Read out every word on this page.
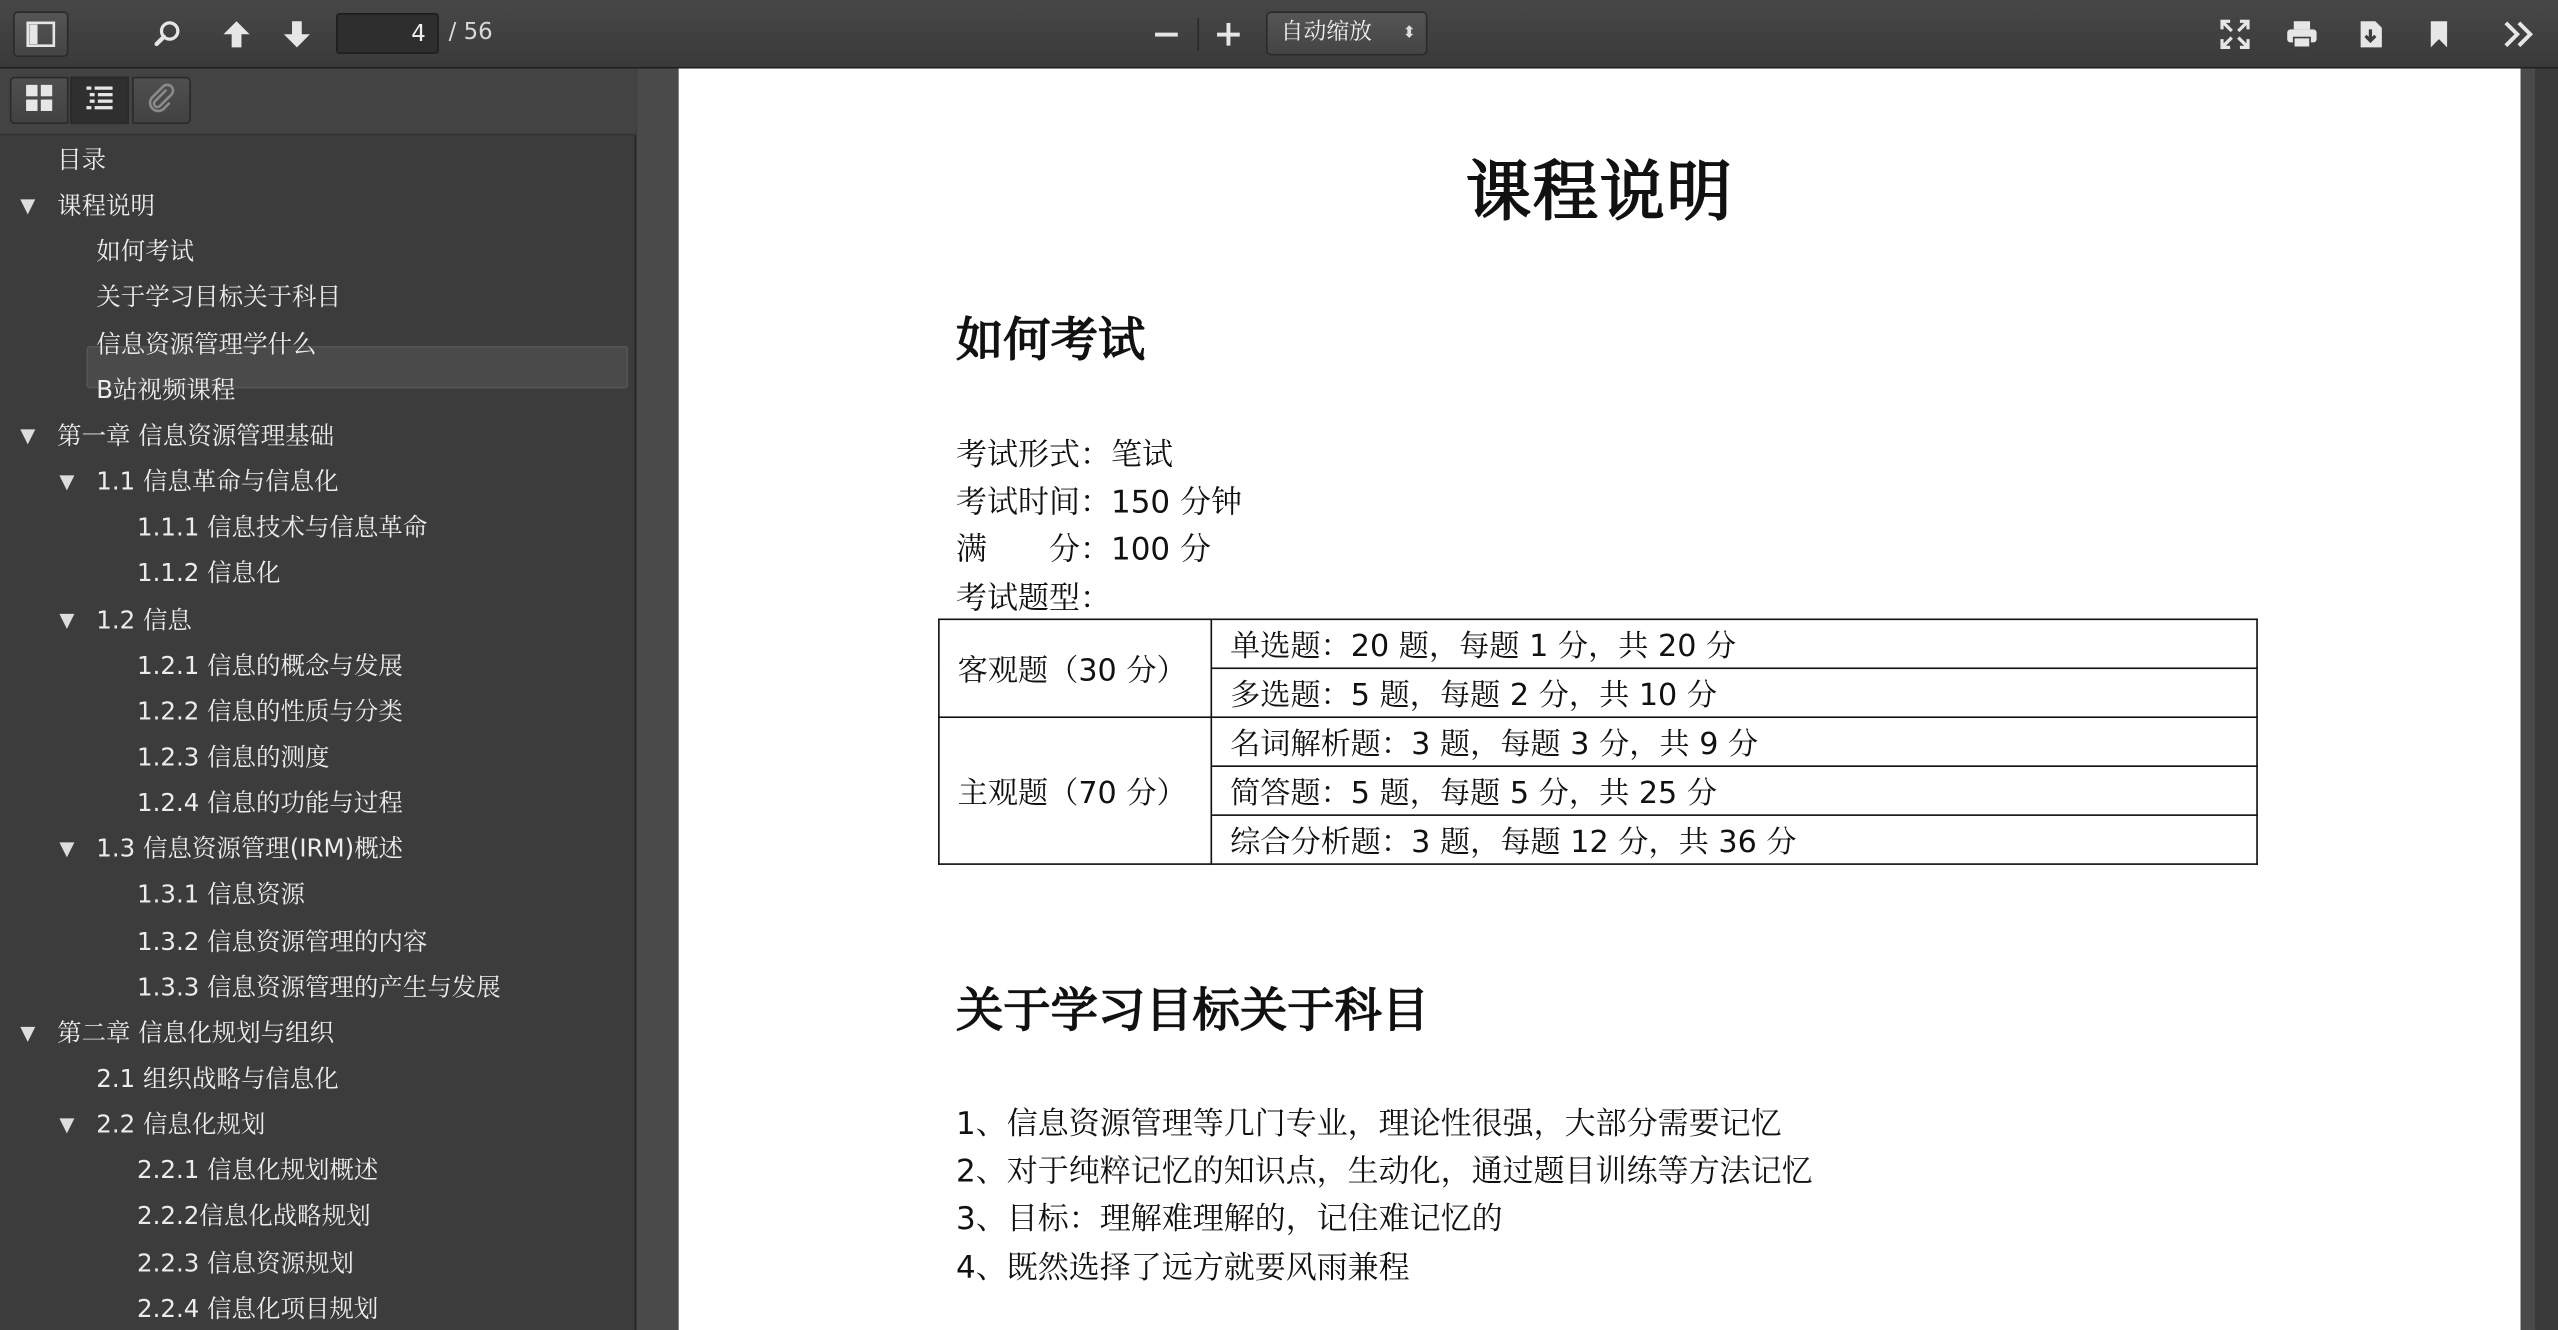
4
/ 56	自动缩放	⬍
目录
▼ 课程说明
如何考试
关于学习目标关于科目
信息资源管理学什么
B站视频课程
▼ 第一章 信息资源管理基础
▼ 1.1 信息革命与信息化
1.1.1 信息技术与信息革命
1.1.2 信息化
▼ 1.2 信息
1.2.1 信息的概念与发展
1.2.2 信息的性质与分类
1.2.3 信息的测度
1.2.4 信息的功能与过程
▼ 1.3 信息资源管理(IRM)概述
1.3.1 信息资源
1.3.2 信息资源管理的内容
1.3.3 信息资源管理的产生与发展
▼ 第二章 信息化规划与组织
2.1 组织战略与信息化
▼ 2.2 信息化规划
2.2.1 信息化规划概述
2.2.2信息化战略规划
2.2.3 信息资源规划
2.2.4 信息化项目规划
课程说明
如何考试
考试形式：笔试
考试时间：150 分钟
满　　分：100 分
考试题型：
客观题（30 分）	单选题：20 题，每题 1 分，共 20 分
	多选题：5 题，每题 2 分，共 10 分
主观题（70 分）	名词解析题：3 题，每题 3 分，共 9 分
	简答题：5 题，每题 5 分，共 25 分
	综合分析题：3 题，每题 12 分，共 36 分
关于学习目标关于科目
1、信息资源管理等几门专业，理论性很强，大部分需要记忆
2、对于纯粹记忆的知识点，生动化，通过题目训练等方法记忆
3、目标：理解难理解的，记住难记忆的
4、既然选择了远方就要风雨兼程
